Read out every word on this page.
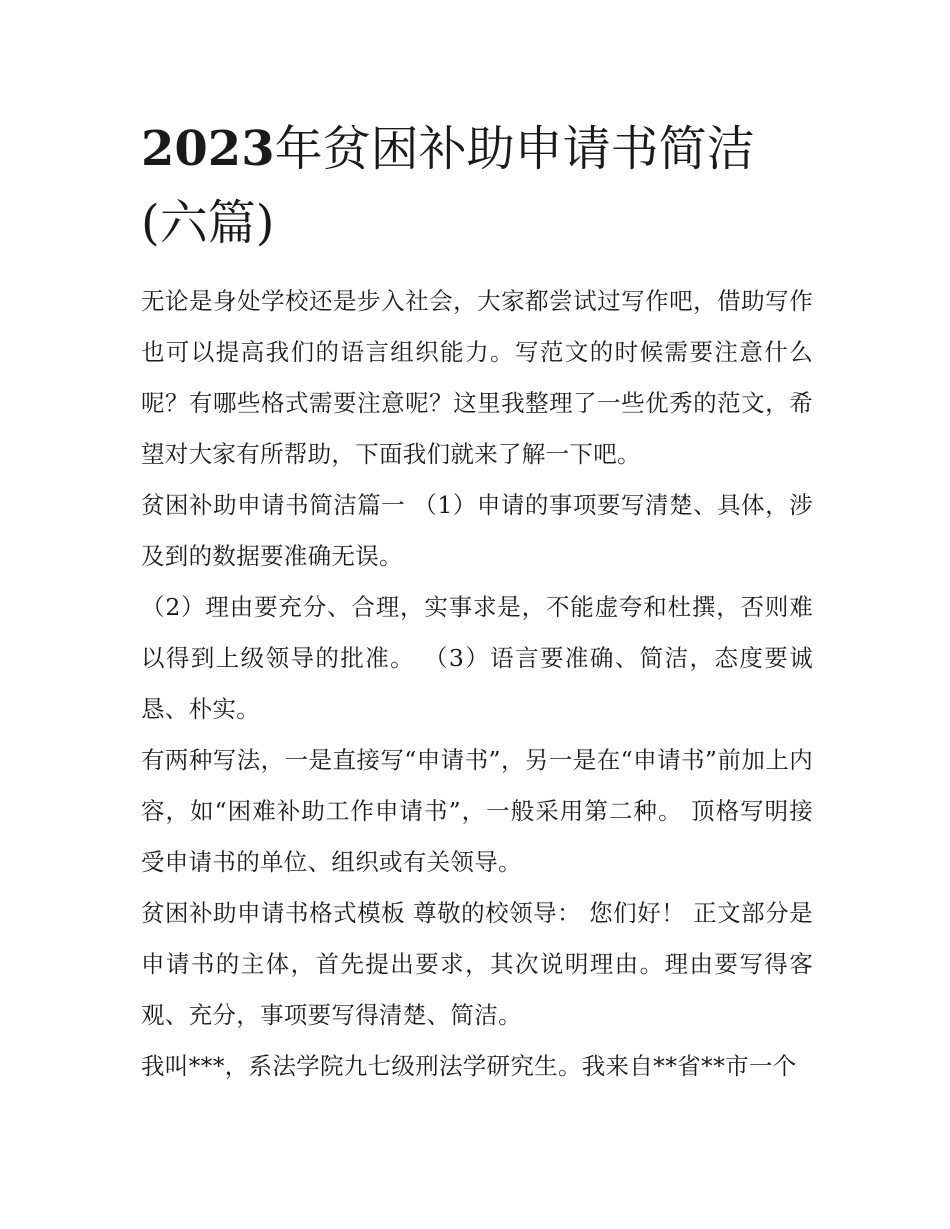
2023年贫困补助申请书简洁(六篇)

无论是身处学校还是步入社会，大家都尝试过写作吧，借助写作也可以提高我们的语言组织能力。写范文的时候需要注意什么呢？有哪些格式需要注意呢？这里我整理了一些优秀的范文，希望对大家有所帮助，下面我们就来了解一下吧。

贫困补助申请书简洁篇一 （1）申请的事项要写清楚、具体，涉及到的数据要准确无误。

（2）理由要充分、合理，实事求是，不能虚夸和杜撰，否则难以得到上级领导的批准。 （3）语言要准确、简洁，态度要诚恳、朴实。

有两种写法，一是直接写“申请书”，另一是在“申请书”前加上内容，如“困难补助工作申请书”，一般采用第二种。 顶格写明接受申请书的单位、组织或有关领导。

贫困补助申请书格式模板 尊敬的校领导： 您们好！ 正文部分是申请书的主体，首先提出要求，其次说明理由。理由要写得客观、充分，事项要写得清楚、简洁。

我叫***，系法学院九七级刑法学研究生。我来自**省**市一个
